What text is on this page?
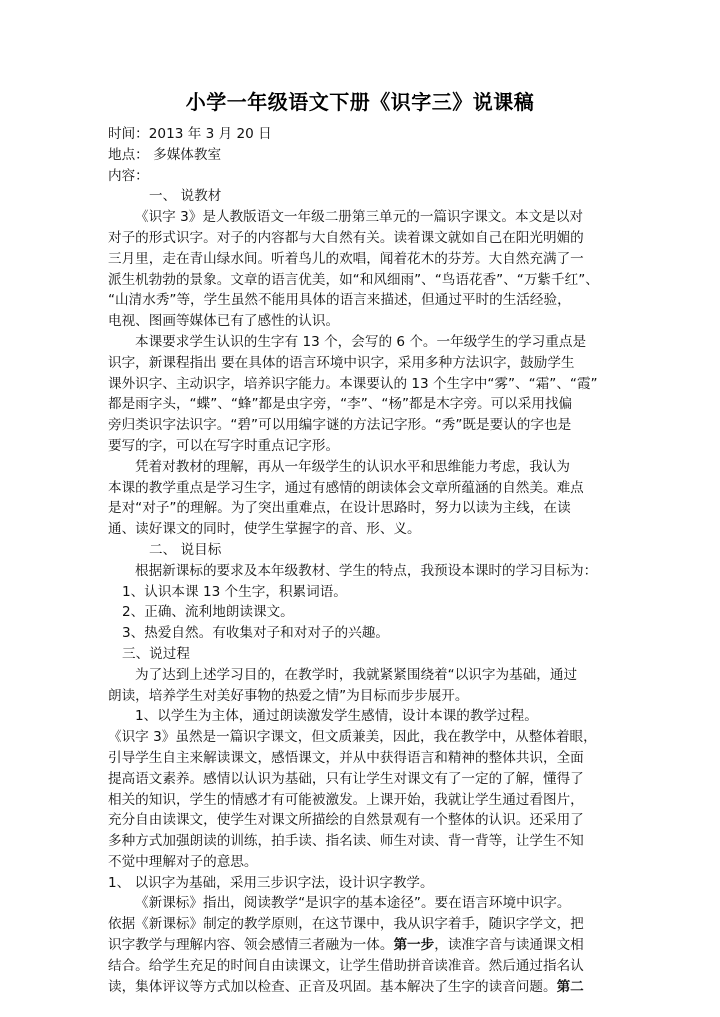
小学一年级语文下册《识字三》说课稿
时间：2013 年 3 月 20 日
地点： 多媒体教室
内容：
一、 说教材
《识字 3》是人教版语文一年级二册第三单元的一篇识字课文。本文是以对
对子的形式识字。对子的内容都与大自然有关。读着课文就如自己在阳光明媚的
三月里，走在青山绿水间。听着鸟儿的欢唱，闻着花木的芬芳。大自然充满了一
派生机勃勃的景象。文章的语言优美，如“和风细雨”、“鸟语花香”、“万紫千红”、
“山清水秀”等，学生虽然不能用具体的语言来描述，但通过平时的生活经验，
电视、图画等媒体已有了感性的认识。
本课要求学生认识的生字有 13 个，会写的 6 个。一年级学生的学习重点是
识字，新课程指出 要在具体的语言环境中识字，采用多种方法识字，鼓励学生
课外识字、主动识字，培养识字能力。本课要认的 13 个生字中“雾”、“霜”、“霞”
都是雨字头，“蝶”、“蜂”都是虫字旁，“李”、“杨”都是木字旁。可以采用找偏
旁归类识字法识字。“碧”可以用编字谜的方法记字形。“秀”既是要认的字也是
要写的字，可以在写字时重点记字形。
凭着对教材的理解，再从一年级学生的认识水平和思维能力考虑，我认为
本课的教学重点是学习生字，通过有感情的朗读体会文章所蕴涵的自然美。难点
是对“对子”的理解。为了突出重难点，在设计思路时，努力以读为主线，在读
通、读好课文的同时，使学生掌握字的音、形、义。
二、 说目标
根据新课标的要求及本年级教材、学生的特点，我预设本课时的学习目标为：
1、认识本课 13 个生字，积累词语。
2、正确、流利地朗读课文。
3、热爱自然。有收集对子和对对子的兴趣。
三、说过程
为了达到上述学习目的，在教学时，我就紧紧围绕着“以识字为基础，通过
朗读，培养学生对美好事物的热爱之情”为目标而步步展开。
1、以学生为主体，通过朗读激发学生感情，设计本课的教学过程。
《识字 3》虽然是一篇识字课文，但文质兼美，因此，我在教学中，从整体着眼，
引导学生自主来解读课文，感悟课文，并从中获得语言和精神的整体共识，全面
提高语文素养。感情以认识为基础，只有让学生对课文有了一定的了解，懂得了
相关的知识，学生的情感才有可能被激发。上课开始，我就让学生通过看图片，
充分自由读课文，使学生对课文所描绘的自然景观有一个整体的认识。还采用了
多种方式加强朗读的训练，拍手读、指名读、师生对读、背一背等，让学生不知
不觉中理解对子的意思。
1、 以识字为基础，采用三步识字法，设计识字教学。
《新课标》指出，阅读教学“是识字的基本途径”。要在语言环境中识字。
依据《新课标》制定的教学原则，在这节课中，我从识字着手，随识字学文，把
识字教学与理解内容、领会感情三者融为一体。第一步，读准字音与读通课文相
结合。给学生充足的时间自由读课文，让学生借助拼音读准音。然后通过指名认
读，集体评议等方式加以检查、正音及巩固。基本解决了生字的读音问题。第二
